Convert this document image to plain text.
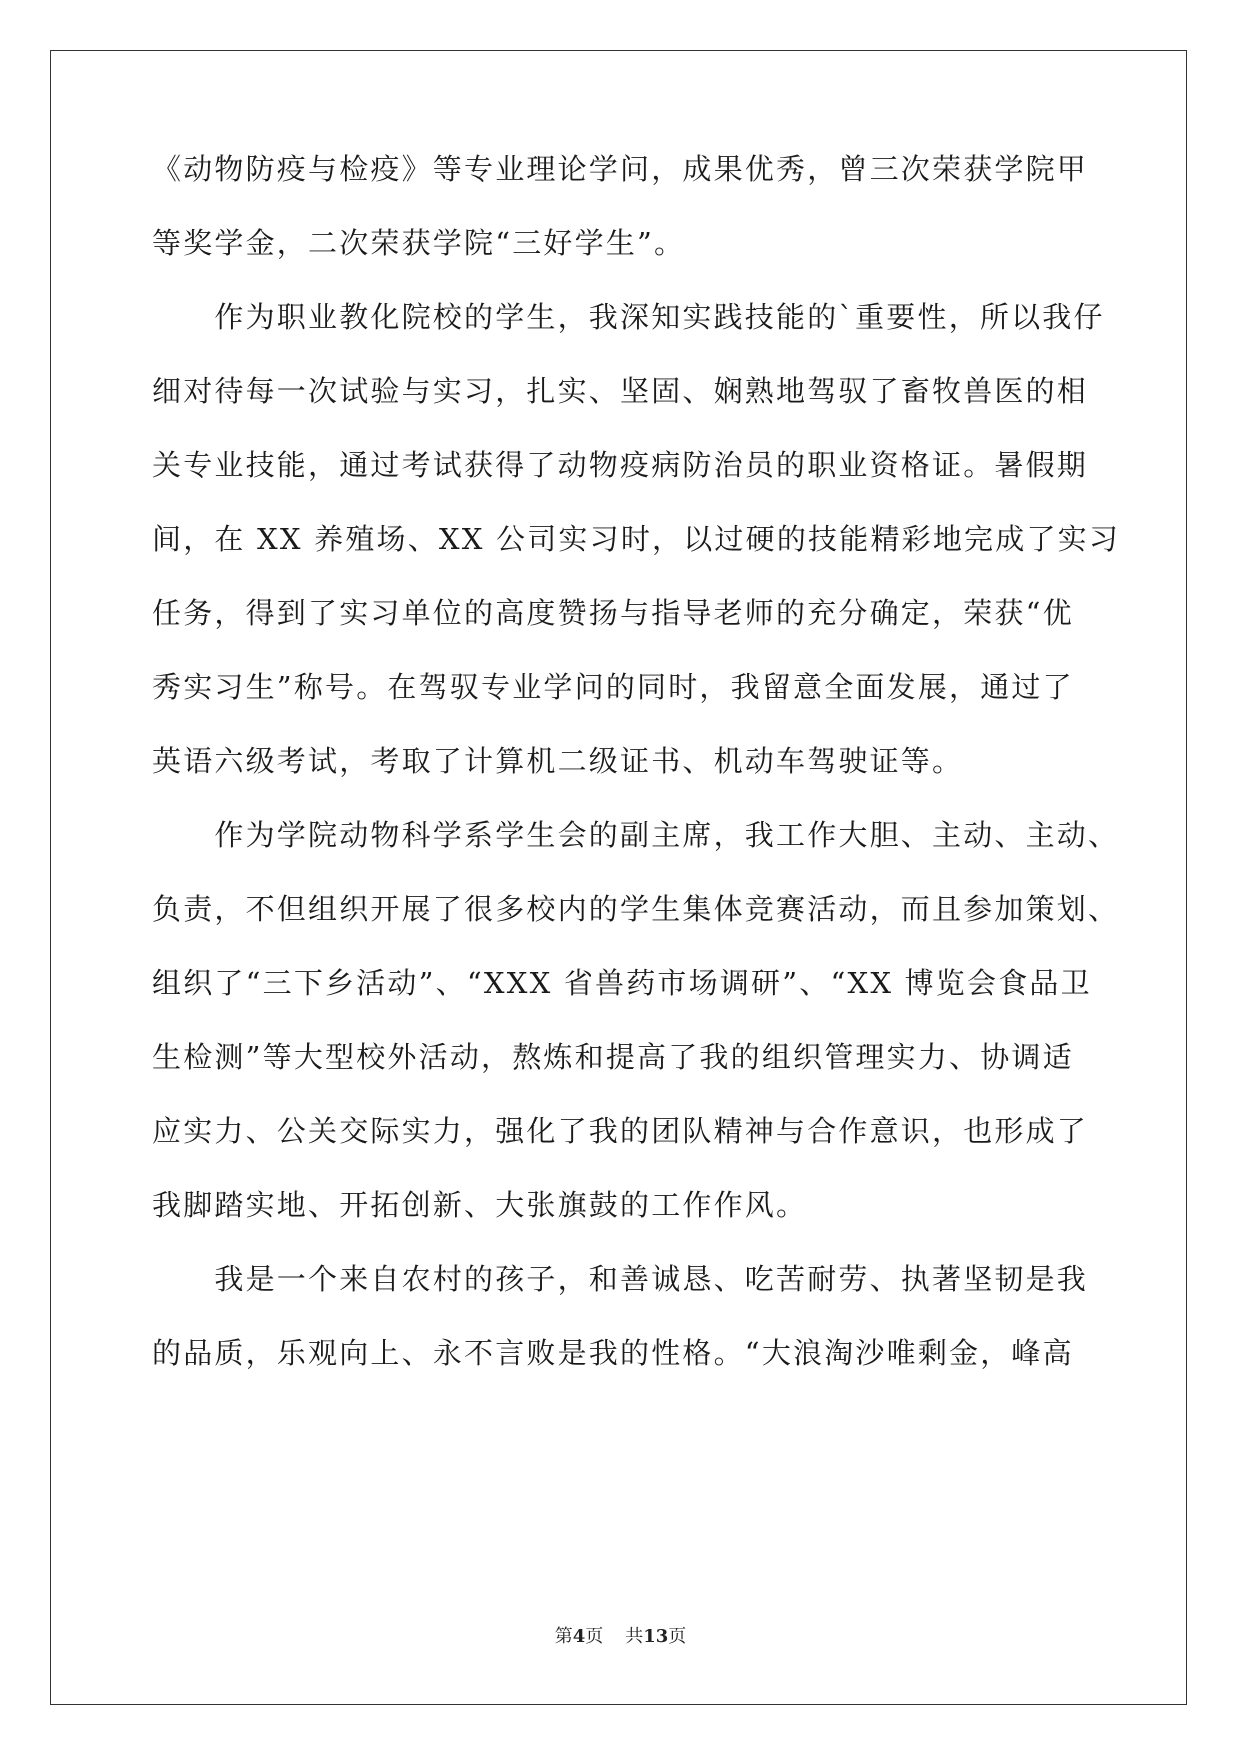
《动物防疫与检疫》等专业理论学问，成果优秀，曾三次荣获学院甲
等奖学金，二次荣获学院“三好学生”。
　　作为职业教化院校的学生，我深知实践技能的`重要性，所以我仔
细对待每一次试验与实习，扎实、坚固、娴熟地驾驭了畜牧兽医的相
关专业技能，通过考试获得了动物疫病防治员的职业资格证。暑假期
间，在 XX 养殖场、XX 公司实习时，以过硬的技能精彩地完成了实习
任务，得到了实习单位的高度赞扬与指导老师的充分确定，荣获“优
秀实习生”称号。在驾驭专业学问的同时，我留意全面发展，通过了
英语六级考试，考取了计算机二级证书、机动车驾驶证等。
　　作为学院动物科学系学生会的副主席，我工作大胆、主动、主动、
负责，不但组织开展了很多校内的学生集体竞赛活动，而且参加策划、
组织了“三下乡活动”、“XXX 省兽药市场调研”、“XX 博览会食品卫
生检测”等大型校外活动，熬炼和提高了我的组织管理实力、协调适
应实力、公关交际实力，强化了我的团队精神与合作意识，也形成了
我脚踏实地、开拓创新、大张旗鼓的工作作风。
　　我是一个来自农村的孩子，和善诚恳、吃苦耐劳、执著坚韧是我
的品质，乐观向上、永不言败是我的性格。“大浪淘沙唯剩金，峰高
第4页 共13页
